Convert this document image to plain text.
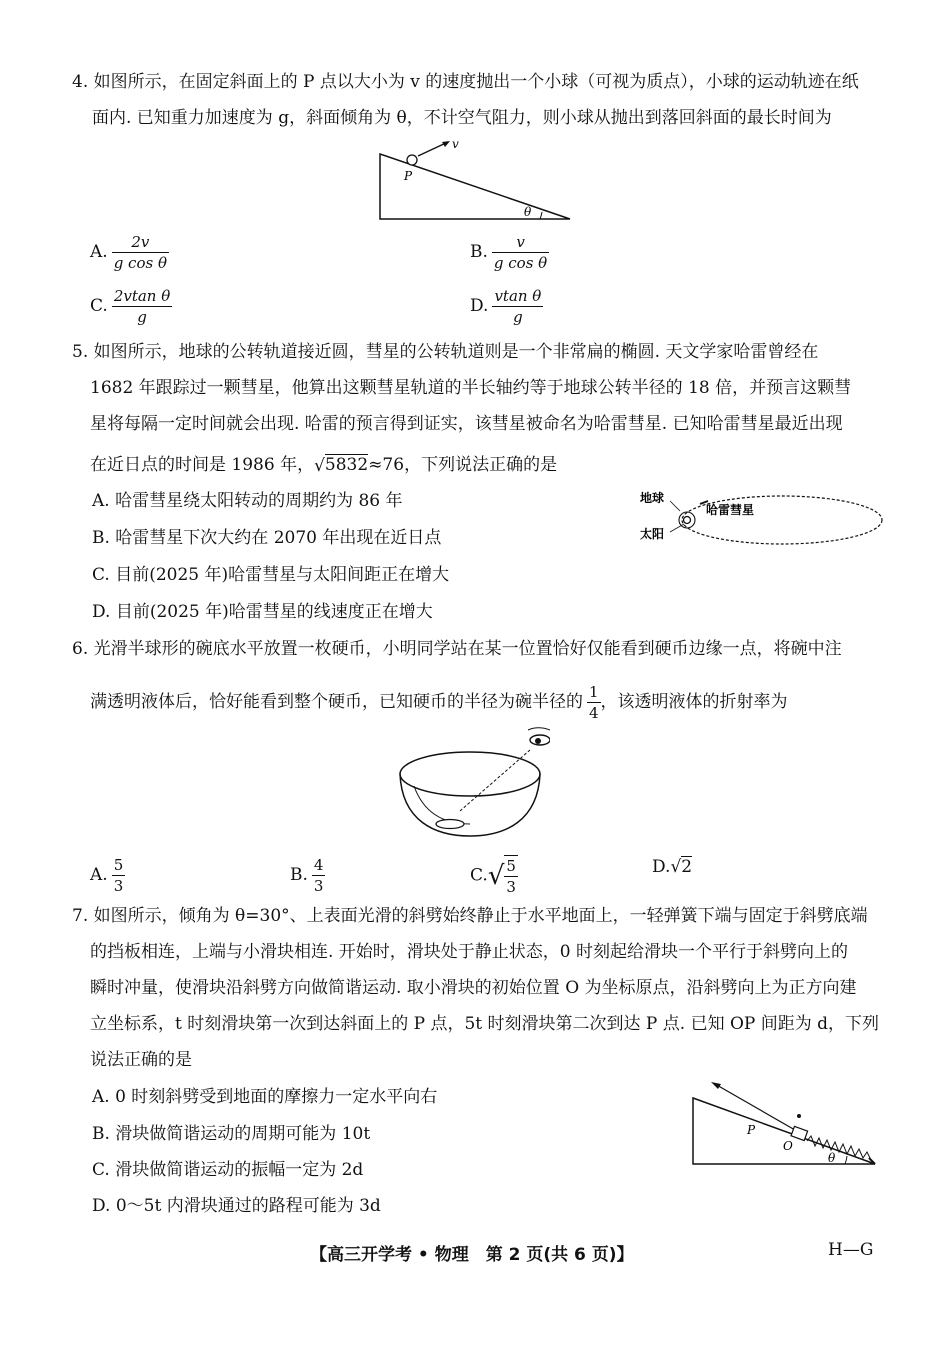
4. 如图所示，在固定斜面上的 P 点以大小为 v 的速度抛出一个小球（可视为质点），小球的运动轨迹在纸
面内. 已知重力加速度为 g，斜面倾角为 θ，不计空气阻力，则小球从抛出到落回斜面的最长时间为
v
P
θ
A. $\frac{2v}{\text{g cos θ}}$	B. $\frac{v}{\text{g cos θ}}$
C. $\frac{\text{2vtan θ}}{g}$	D. $\frac{\text{vtan θ}}{g}$
5. 如图所示，地球的公转轨道接近圆，彗星的公转轨道则是一个非常扁的椭圆. 天文学家哈雷曾经在
1682 年跟踪过一颗彗星，他算出这颗彗星轨道的半长轴约等于地球公转半径的 18 倍，并预言这颗彗
星将每隔一定时间就会出现. 哈雷的预言得到证实，该彗星被命名为哈雷彗星. 已知哈雷彗星最近出现
在近日点的时间是 1986 年，√5832≈76，下列说法正确的是
A. 哈雷彗星绕太阳转动的周期约为 86 年
B. 哈雷彗星下次大约在 2070 年出现在近日点
C. 目前(2025 年)哈雷彗星与太阳间距正在增大
D. 目前(2025 年)哈雷彗星的线速度正在增大
地球
太阳
哈雷彗星
6. 光滑半球形的碗底水平放置一枚硬币，小明同学站在某一位置恰好仅能看到硬币边缘一点，将碗中注
满透明液体后，恰好能看到整个硬币，已知硬币的半径为碗半径的 $\frac{1}{4}$ ，该透明液体的折射率为
A. $\frac{5}{3}$	B. $\frac{4}{3}$	$C.√ \frac{5}{3}$	D.√2
7. 如图所示，倾角为 θ=30°、上表面光滑的斜劈始终静止于水平地面上，一轻弹簧下端与固定于斜劈底端
的挡板相连，上端与小滑块相连. 开始时，滑块处于静止状态，0 时刻起给滑块一个平行于斜劈向上的
瞬时冲量，使滑块沿斜劈方向做简谐运动. 取小滑块的初始位置 O 为坐标原点，沿斜劈向上为正方向建
立坐标系，t 时刻滑块第一次到达斜面上的 P 点，5t 时刻滑块第二次到达 P 点. 已知 OP 间距为 d，下列
说法正确的是
A. 0 时刻斜劈受到地面的摩擦力一定水平向右
B. 滑块做简谐运动的周期可能为 10t
C. 滑块做简谐运动的振幅一定为 2d
D. 0～5t 内滑块通过的路程可能为 3d
P
O
θ
【高三开学考 • 物理　第 2 页(共 6 页)】	H—G
